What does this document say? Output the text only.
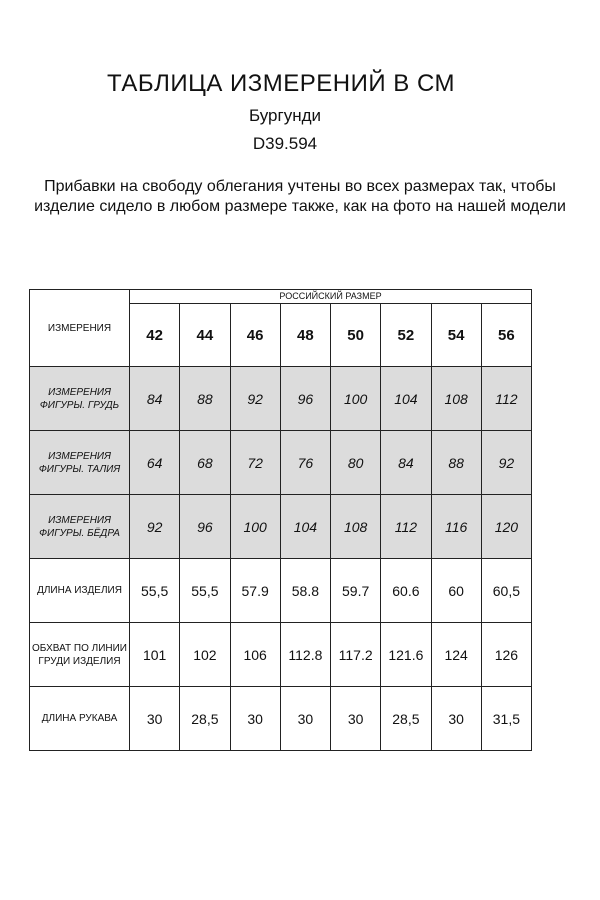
ТАБЛИЦА ИЗМЕРЕНИЙ В СМ
Бургунди
D39.594
Прибавки на свободу облегания учтены во всех размерах так, чтобы изделие сидело в любом размере также, как на фото на нашей модели
ИЗМЕРЕНИЯ	РОССИЙСКИЙ РАЗМЕР							
	42	44	46	48	50	52	54	56
ИЗМЕРЕНИЯ ФИГУРЫ. ГРУДЬ	84	88	92	96	100	104	108	112
ИЗМЕРЕНИЯ ФИГУРЫ. ТАЛИЯ	64	68	72	76	80	84	88	92
ИЗМЕРЕНИЯ ФИГУРЫ. БЁДРА	92	96	100	104	108	112	116	120
ДЛИНА ИЗДЕЛИЯ	55,5	55,5	57.9	58.8	59.7	60.6	60	60,5
ОБХВАТ ПО ЛИНИИ ГРУДИ ИЗДЕЛИЯ	101	102	106	112.8	117.2	121.6	124	126
ДЛИНА РУКАВА	30	28,5	30	30	30	28,5	30	31,5
